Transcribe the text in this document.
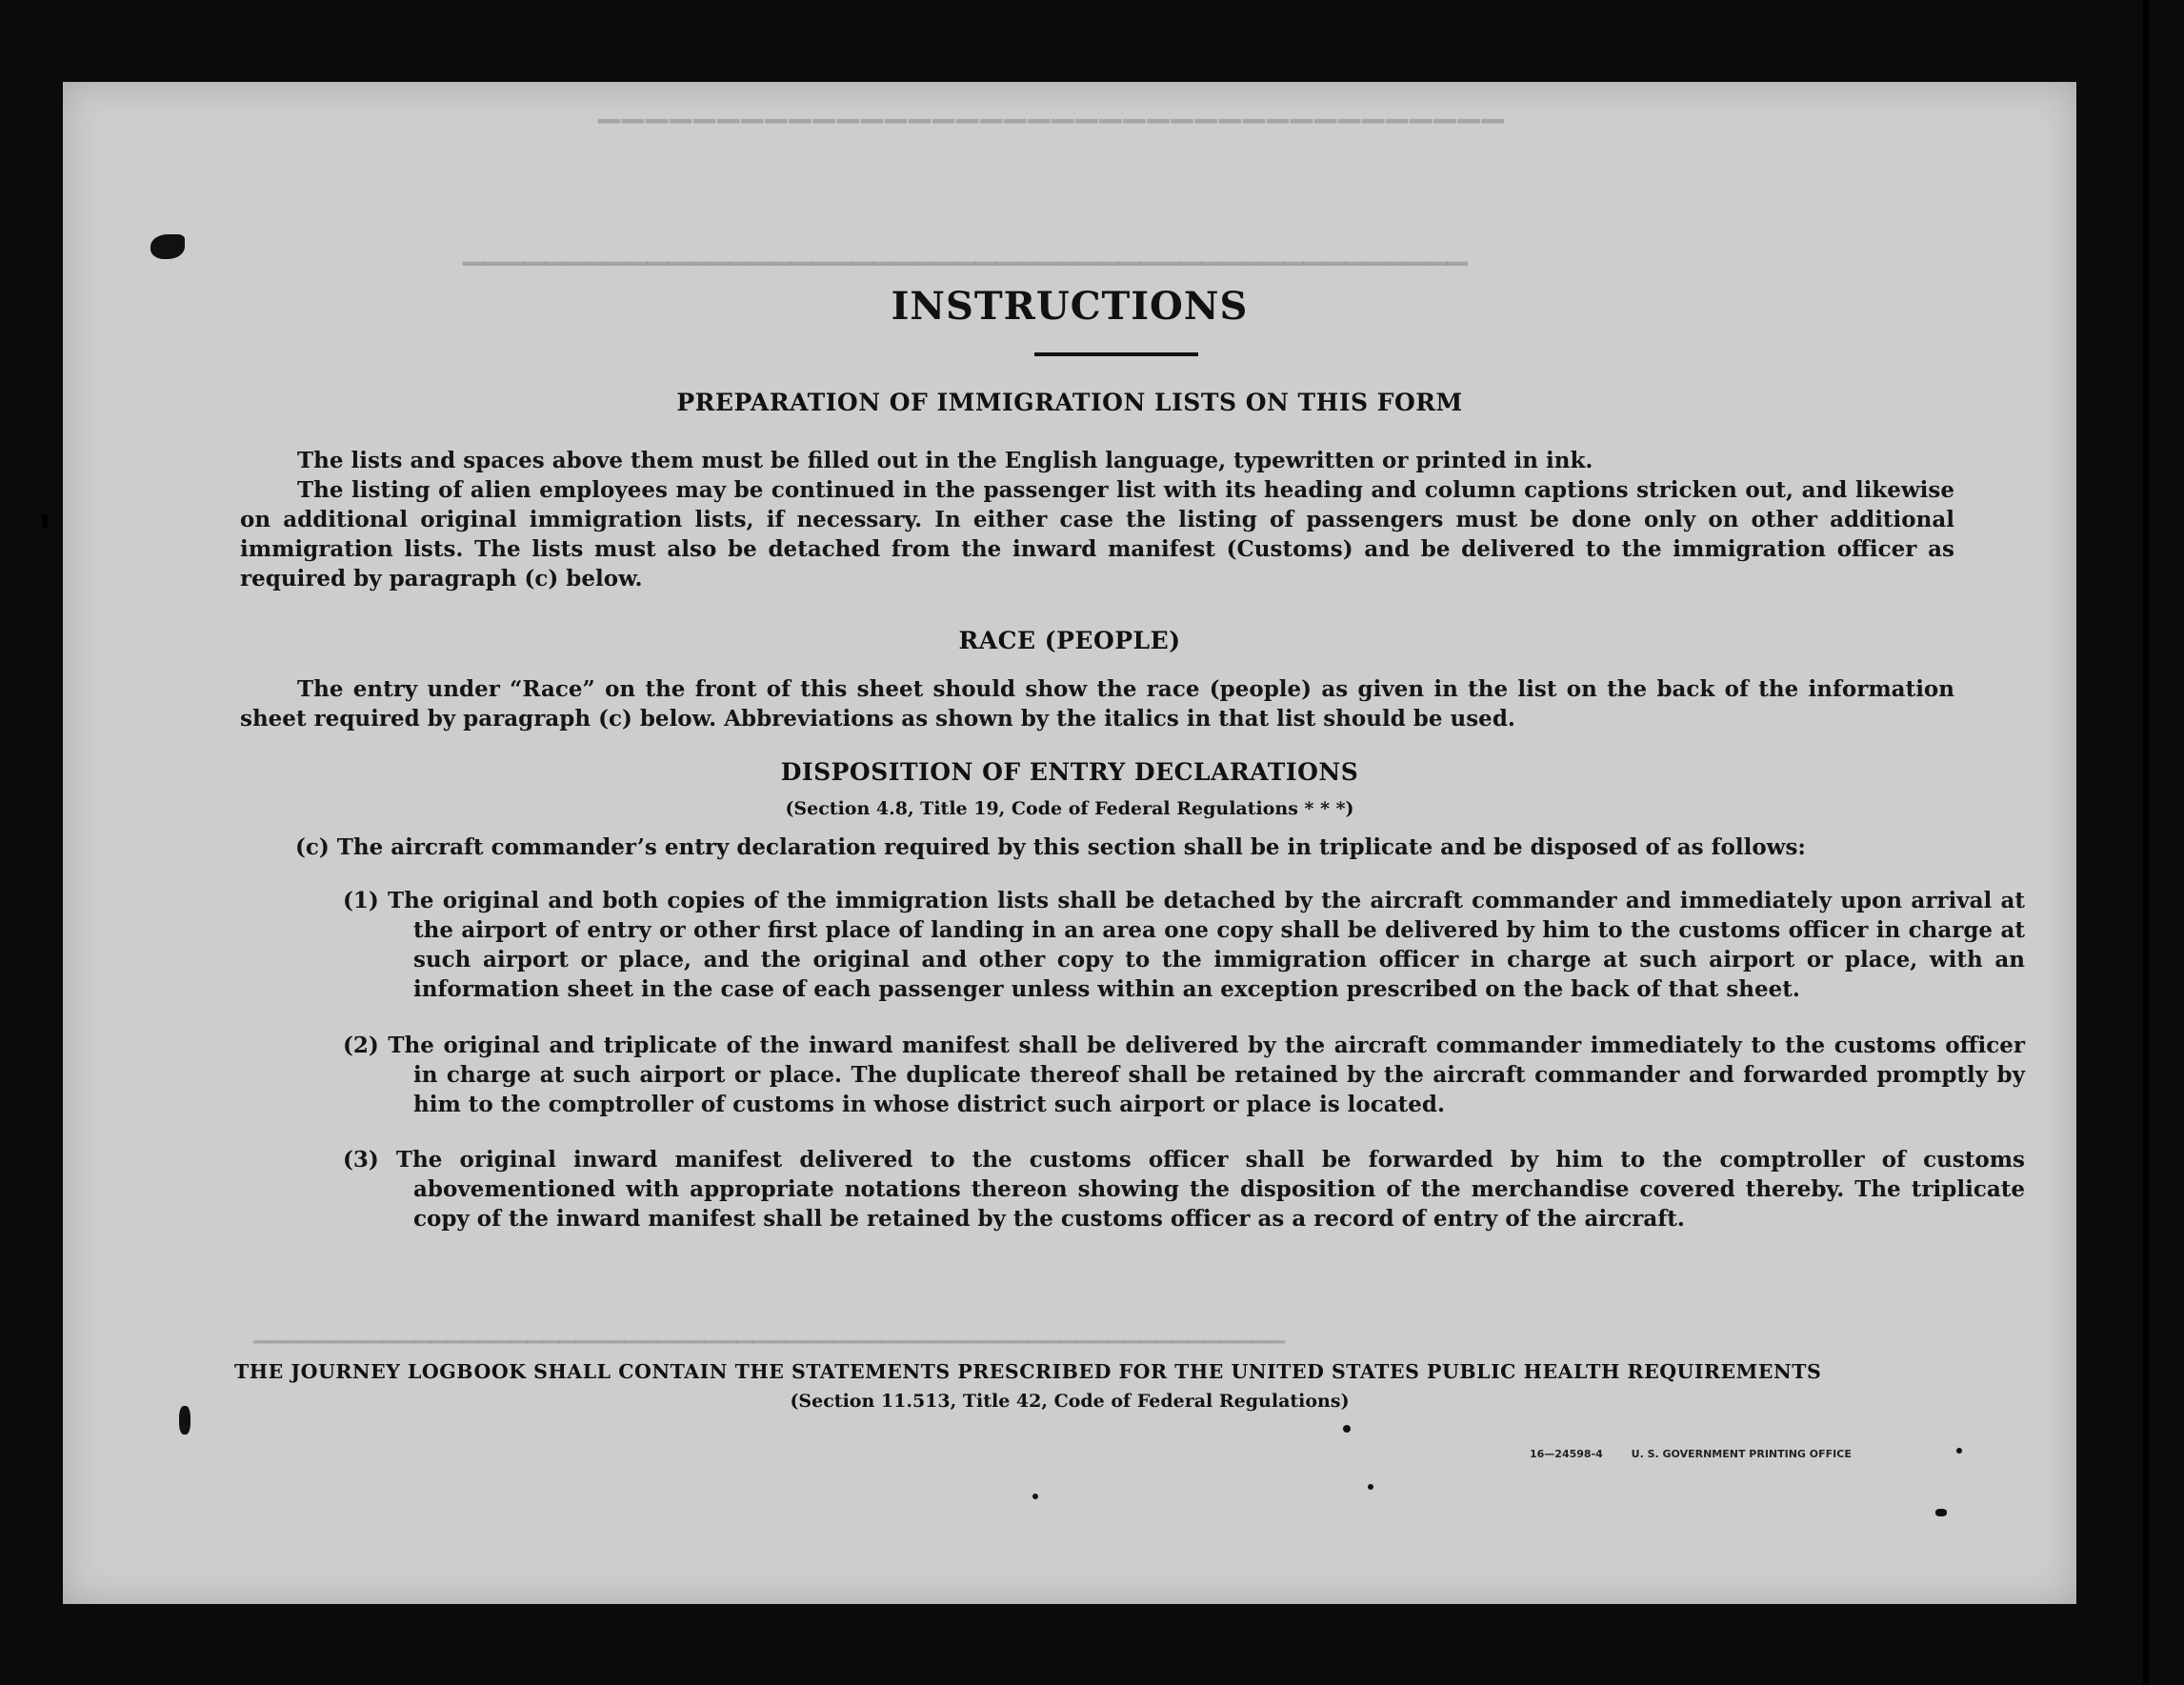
▔▔▔▔▔▔▔▔▔▔▔▔▔▔▔▔▔▔▔▔▔▔▔▔▔▔▔▔▔▔▔▔▔▔▔▔▔▔
▁▁▁▁▁▁▁▁▁▁▁▁▁▁▁▁▁▁▁▁▁▁▁▁▁▁▁▁▁▁▁▁▁▁▁▁▁▁▁▁▁▁▁▁▁▁▁▁▁
▁▁▁▁▁▁▁▁▁▁▁▁▁▁▁▁▁▁▁▁▁▁▁▁▁▁▁▁▁▁▁▁▁▁▁▁▁▁▁▁▁▁▁▁▁▁▁▁▁▁▁▁▁▁▁▁▁▁▁▁▁▁▁▁
INSTRUCTIONS
PREPARATION OF IMMIGRATION LISTS ON THIS FORM
The lists and spaces above them must be filled out in the English language, typewritten or printed in ink.
The listing of alien employees may be continued in the passenger list with its heading and column captions stricken out, and likewise on additional original immigration lists, if necessary. In either case the listing of passengers must be done only on other additional immigration lists. The lists must also be detached from the inward manifest (Customs) and be delivered to the immigration officer as required by paragraph (c) below.
RACE (PEOPLE)
The entry under “Race” on the front of this sheet should show the race (people) as given in the list on the back of the information sheet required by paragraph (c) below. Abbreviations as shown by the italics in that list should be used.
DISPOSITION OF ENTRY DECLARATIONS
(Section 4.8, Title 19, Code of Federal Regulations * * *)
(c) The aircraft commander’s entry declaration required by this section shall be in triplicate and be disposed of as follows:
(1) The original and both copies of the immigration lists shall be detached by the aircraft commander and immediately upon arrival at the airport of entry or other first place of landing in an area one copy shall be delivered by him to the customs officer in charge at such airport or place, and the original and other copy to the immigration officer in charge at such airport or place, with an information sheet in the case of each passenger unless within an exception prescribed on the back of that sheet.
(2) The original and triplicate of the inward manifest shall be delivered by the aircraft commander immediately to the customs officer in charge at such airport or place. The duplicate thereof shall be retained by the aircraft commander and forwarded promptly by him to the comptroller of customs in whose district such airport or place is located.
(3) The original inward manifest delivered to the customs officer shall be forwarded by him to the comptroller of customs abovementioned with appropriate notations thereon showing the disposition of the merchandise covered thereby. The triplicate copy of the inward manifest shall be retained by the customs officer as a record of entry of the aircraft.
THE JOURNEY LOGBOOK SHALL CONTAIN THE STATEMENTS PRESCRIBED FOR THE UNITED STATES PUBLIC HEALTH REQUIREMENTS
(Section 11.513, Title 42, Code of Federal Regulations)
16—24598-4	U. S. GOVERNMENT PRINTING OFFICE
